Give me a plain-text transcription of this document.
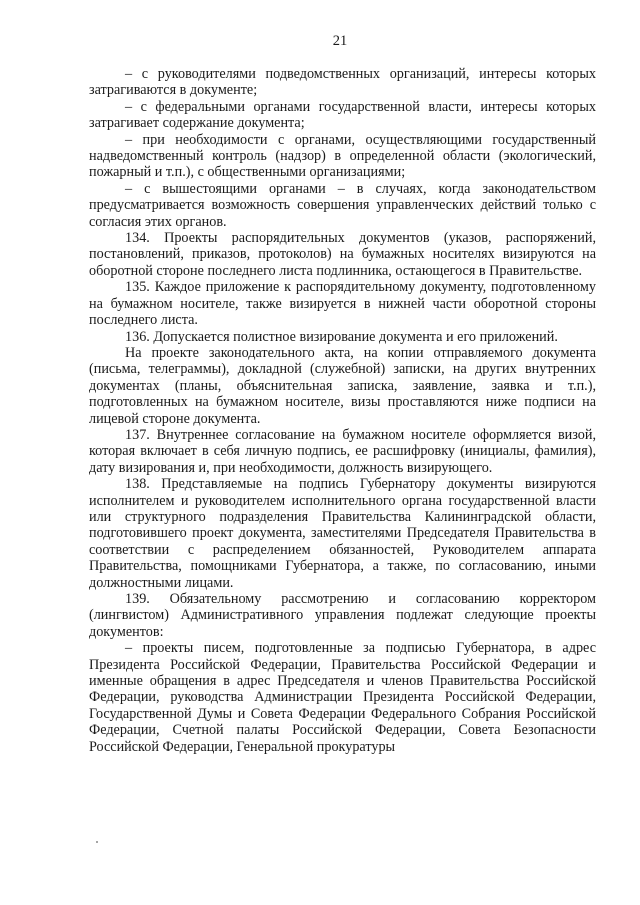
21

– с руководителями подведомственных организаций, интересы которых затрагиваются в документе;

– с федеральными органами государственной власти, интересы которых затрагивает содержание документа;

– при необходимости с органами, осуществляющими государственный надведомственный контроль (надзор) в определенной области (экологический, пожарный и т.п.), с общественными организациями;

– с вышестоящими органами – в случаях, когда законодательством предусматривается возможность совершения управленческих действий только с согласия этих органов.

134. Проекты распорядительных документов (указов, распоряжений, постановлений, приказов, протоколов) на бумажных носителях визируются на оборотной стороне последнего листа подлинника, остающегося в Правительстве.

135. Каждое приложение к распорядительному документу, подготовленному на бумажном носителе, также визируется в нижней части оборотной стороны последнего листа.

136. Допускается полистное визирование документа и его приложений.

На проекте законодательного акта, на копии отправляемого документа (письма, телеграммы), докладной (служебной) записки, на других внутренних документах (планы, объяснительная записка, заявление, заявка и т.п.), подготовленных на бумажном носителе, визы проставляются ниже подписи на лицевой стороне документа.

137. Внутреннее согласование на бумажном носителе оформляется визой, которая включает в себя личную подпись, ее расшифровку (инициалы, фамилия), дату визирования и, при необходимости, должность визирующего.

138. Представляемые на подпись Губернатору документы визируются исполнителем и руководителем исполнительного органа государственной власти или структурного подразделения Правительства Калининградской области, подготовившего проект документа, заместителями Председателя Правительства в соответствии с распределением обязанностей, Руководителем аппарата Правительства, помощниками Губернатора, а также, по согласованию, иными должностными лицами.

139. Обязательному рассмотрению и согласованию корректором (лингвистом) Административного управления подлежат следующие проекты документов:

– проекты писем, подготовленные за подписью Губернатора, в адрес Президента Российской Федерации, Правительства Российской Федерации и именные обращения в адрес Председателя и членов Правительства Российской Федерации, руководства Администрации Президента Российской Федерации, Государственной Думы и Совета Федерации Федерального Собрания Российской Федерации, Счетной палаты Российской Федерации, Совета Безопасности Российской Федерации, Генеральной прокуратуры
